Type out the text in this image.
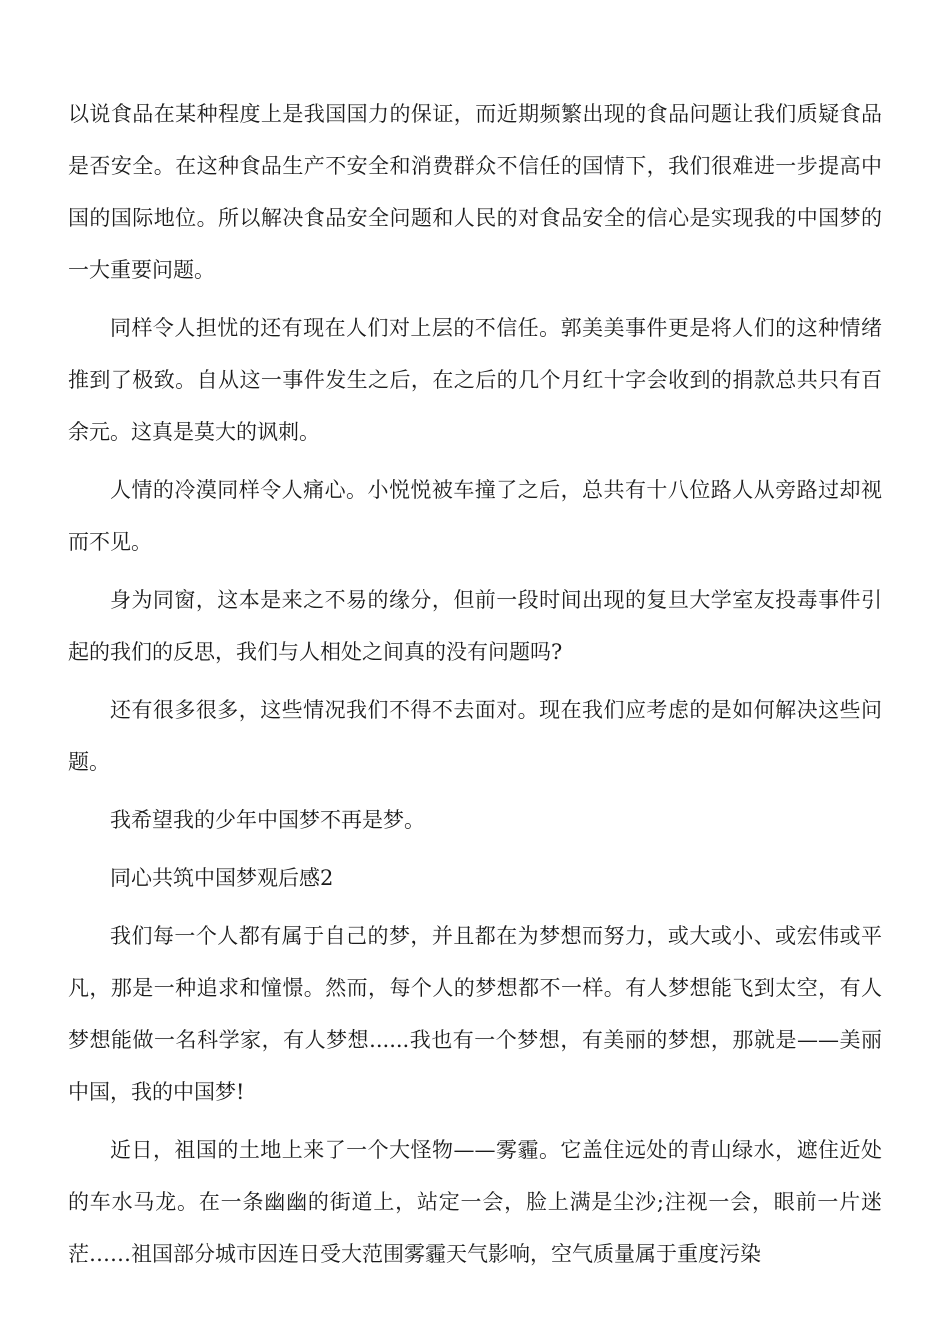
以说食品在某种程度上是我国国力的保证，而近期频繁出现的食品问题让我们质疑食品是否安全。在这种食品生产不安全和消费群众不信任的国情下，我们很难进一步提高中国的国际地位。所以解决食品安全问题和人民的对食品安全的信心是实现我的中国梦的一大重要问题。

同样令人担忧的还有现在人们对上层的不信任。郭美美事件更是将人们的这种情绪推到了极致。自从这一事件发生之后，在之后的几个月红十字会收到的捐款总共只有百余元。这真是莫大的讽刺。

人情的冷漠同样令人痛心。小悦悦被车撞了之后，总共有十八位路人从旁路过却视而不见。

身为同窗，这本是来之不易的缘分，但前一段时间出现的复旦大学室友投毒事件引起的我们的反思，我们与人相处之间真的没有问题吗?

还有很多很多，这些情况我们不得不去面对。现在我们应考虑的是如何解决这些问题。

我希望我的少年中国梦不再是梦。

同心共筑中国梦观后感2

我们每一个人都有属于自己的梦，并且都在为梦想而努力，或大或小、或宏伟或平凡，那是一种追求和憧憬。然而，每个人的梦想都不一样。有人梦想能飞到太空，有人梦想能做一名科学家，有人梦想......我也有一个梦想，有美丽的梦想，那就是——美丽中国，我的中国梦!

近日，祖国的土地上来了一个大怪物——雾霾。它盖住远处的青山绿水，遮住近处的车水马龙。在一条幽幽的街道上，站定一会，脸上满是尘沙;注视一会，眼前一片迷茫……祖国部分城市因连日受大范围雾霾天气影响，空气质量属于重度污染
